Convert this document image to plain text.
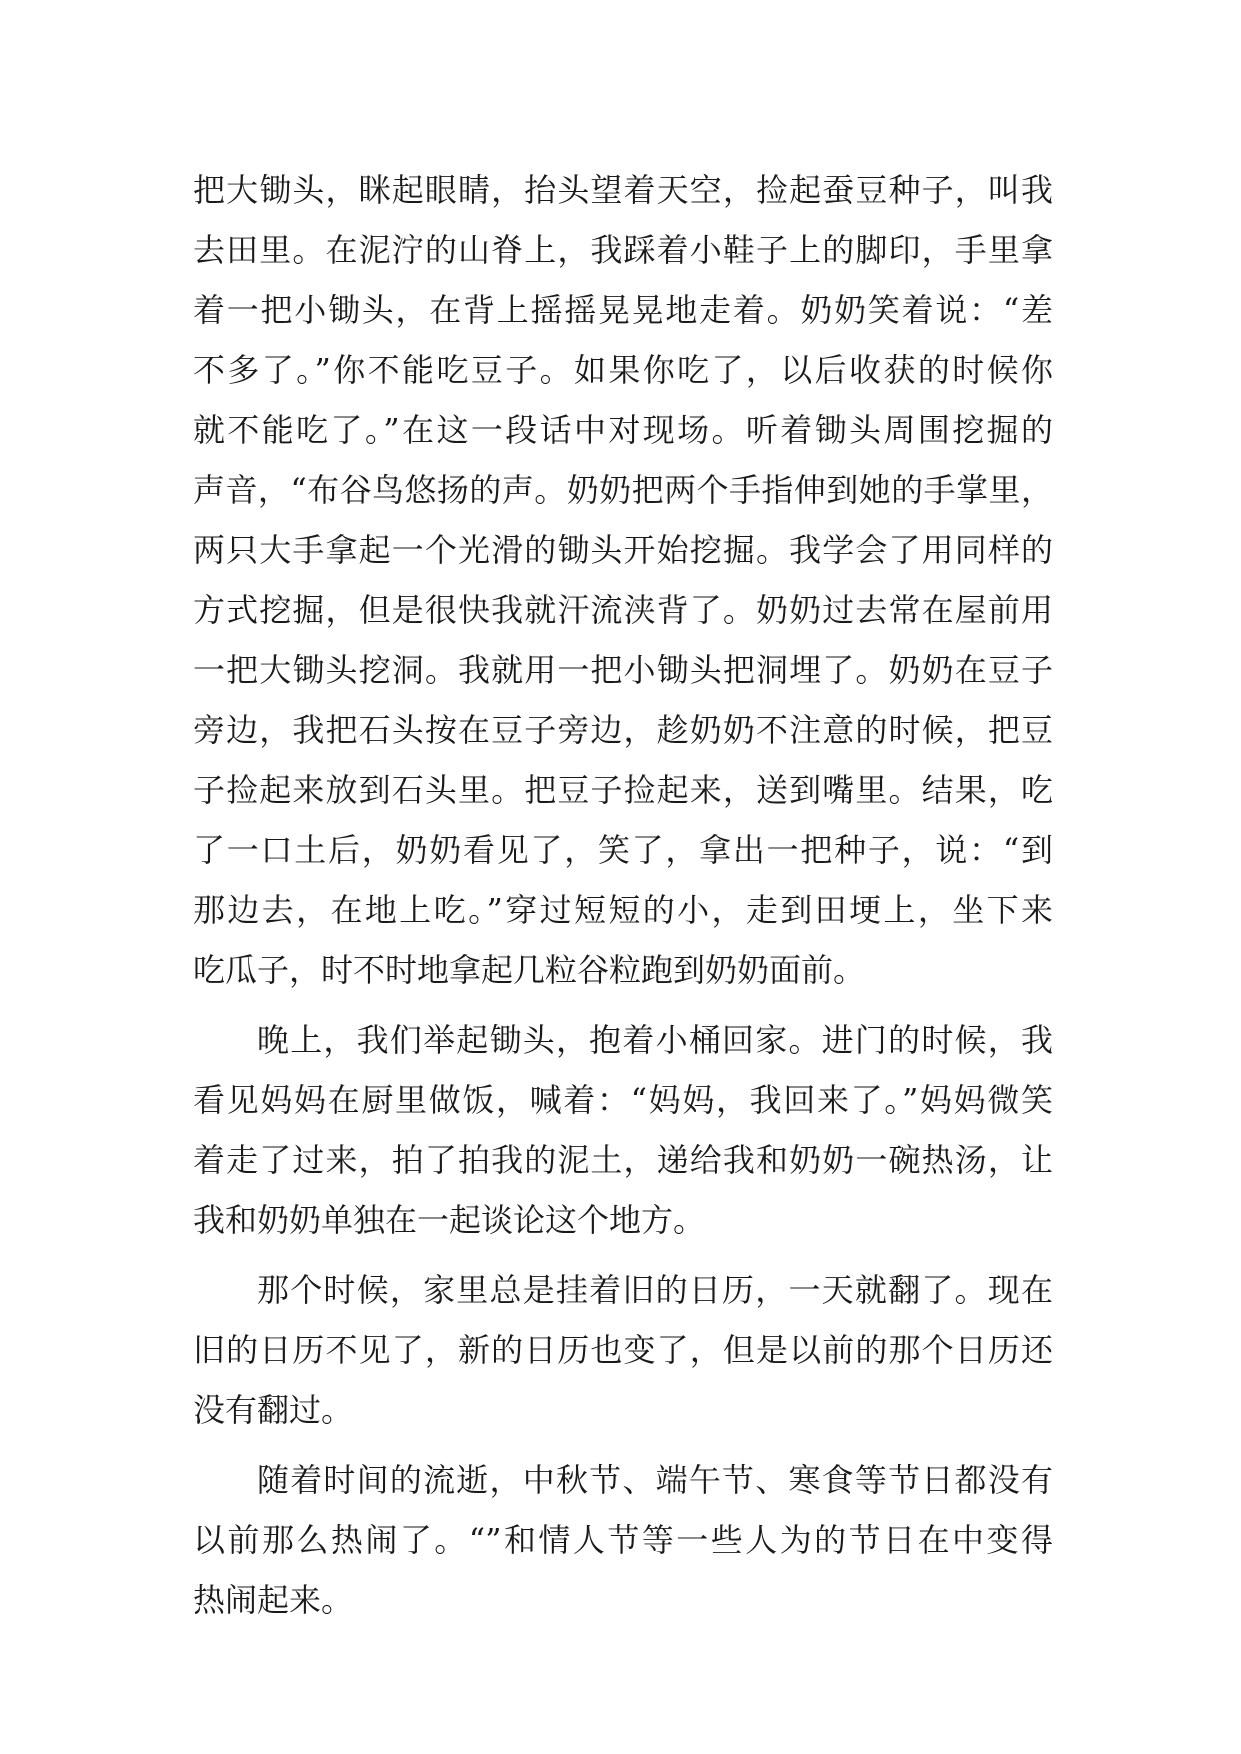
把大锄头，眯起眼睛，抬头望着天空，捡起蚕豆种子，叫我
去田里。在泥泞的山脊上，我踩着小鞋子上的脚印，手里拿
着一把小锄头，在背上摇摇晃晃地走着。奶奶笑着说：“差
不多了。”你不能吃豆子。如果你吃了，以后收获的时候你
就不能吃了。”在这一段话中对现场。听着锄头周围挖掘的
声音，“布谷鸟悠扬的声。奶奶把两个手指伸到她的手掌里，
两只大手拿起一个光滑的锄头开始挖掘。我学会了用同样的
方式挖掘，但是很快我就汗流浃背了。奶奶过去常在屋前用
一把大锄头挖洞。我就用一把小锄头把洞埋了。奶奶在豆子
旁边，我把石头按在豆子旁边，趁奶奶不注意的时候，把豆
子捡起来放到石头里。把豆子捡起来，送到嘴里。结果，吃
了一口土后，奶奶看见了，笑了，拿出一把种子，说：“到
那边去，在地上吃。”穿过短短的小，走到田埂上，坐下来
吃瓜子，时不时地拿起几粒谷粒跑到奶奶面前。
晚上，我们举起锄头，抱着小桶回家。进门的时候，我
看见妈妈在厨里做饭，喊着：“妈妈，我回来了。”妈妈微笑
着走了过来，拍了拍我的泥土，递给我和奶奶一碗热汤，让
我和奶奶单独在一起谈论这个地方。
那个时候，家里总是挂着旧的日历，一天就翻了。现在
旧的日历不见了，新的日历也变了，但是以前的那个日历还
没有翻过。
随着时间的流逝，中秋节、端午节、寒食等节日都没有
以前那么热闹了。“”和情人节等一些人为的节日在中变得
热闹起来。
